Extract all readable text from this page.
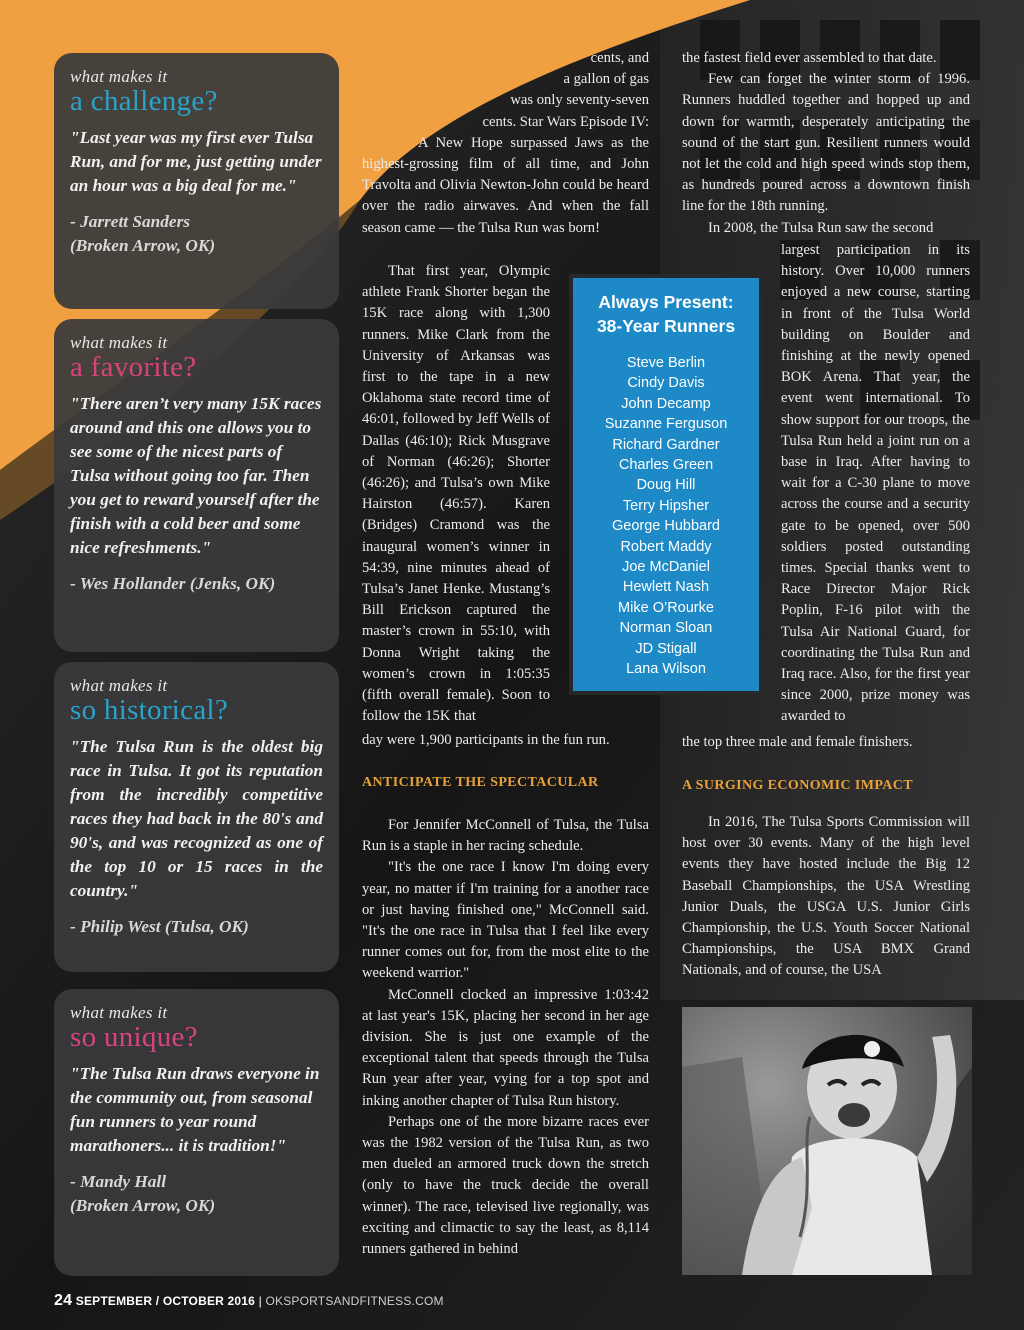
what makes it
a challenge?
"Last year was my first ever Tulsa Run, and for me, just getting under an hour was a big deal for me."
- Jarrett Sanders
(Broken Arrow, OK)
what makes it
a favorite?
"There aren’t very many 15K races around and this one allows you to see some of the nicest parts of Tulsa without going too far. Then you get to reward yourself after the finish with a cold beer and some nice refreshments."
- Wes Hollander (Jenks, OK)
what makes it
so historical?
"The Tulsa Run is the oldest big race in Tulsa. It got its reputation from the incredibly competitive races they had back in the 80's and 90's, and was recognized as one of the top 10 or 15 races in the country."
- Philip West (Tulsa, OK)
what makes it
so unique?
"The Tulsa Run draws everyone in the community out, from seasonal fun runners to year round marathoners... it is tradition!"
- Mandy Hall
(Broken Arrow, OK)
cents, and
a gallon of gas
was only seventy-seven
cents. Star Wars Episode IV:

A New Hope surpassed Jaws as the highest-grossing film of all time, and John Travolta and Olivia Newton-John could be heard over the radio airwaves. And when the fall season came — the Tulsa Run was born!

That first year, Olympic athlete Frank Shorter began the 15K race along with 1,300 runners. Mike Clark from the University of Arkansas was first to the tape in a new Oklahoma state record time of 46:01, followed by Jeff Wells of Dallas (46:10); Rick Musgrave of Norman (46:26); Shorter (46:26); and Tulsa’s own Mike Hairston (46:57). Karen (Bridges) Cramond was the inaugural women’s winner in 54:39, nine minutes ahead of Tulsa’s Janet Henke. Mustang’s Bill Erickson captured the master’s crown in 55:10, with Donna Wright taking the women’s crown in 1:05:35 (fifth overall female). Soon to follow the 15K that

day were 1,900 participants in the fun run.

ANTICIPATE THE SPECTACULAR

For Jennifer McConnell of Tulsa, the Tulsa Run is a staple in her racing schedule.

"It's the one race I know I'm doing every year, no matter if I'm training for a another race or just having finished one," McConnell said. "It's the one race in Tulsa that I feel like every runner comes out for, from the most elite to the weekend warrior."

McConnell clocked an impressive 1:03:42 at last year's 15K, placing her second in her age division. She is just one example of the exceptional talent that speeds through the Tulsa Run year after year, vying for a top spot and inking another chapter of Tulsa Run history.

Perhaps one of the more bizarre races ever was the 1982 version of the Tulsa Run, as two men dueled an armored truck down the stretch (only to have the truck decide the overall winner). The race, televised live regionally, was exciting and climactic to say the least, as 8,114 runners gathered in behind

the fastest field ever assembled to that date.

Few can forget the winter storm of 1996. Runners huddled together and hopped up and down for warmth, desperately anticipating the sound of the start gun. Resilient runners would not let the cold and high speed winds stop them, as hundreds poured across a downtown finish line for the 18th running.

In 2008, the Tulsa Run saw the second

largest participation in its history. Over 10,000 runners enjoyed a new course, starting in front of the Tulsa World building on Boulder and finishing at the newly opened BOK Arena. That year, the event went international. To show support for our troops, the Tulsa Run held a joint run on a base in Iraq. After having to wait for a C-30 plane to move across the course and a security gate to be opened, over 500 soldiers posted outstanding times. Special thanks went to Race Director Major Rick Poplin, F-16 pilot with the Tulsa Air National Guard, for coordinating the Tulsa Run and Iraq race. Also, for the first year since 2000, prize money was awarded to

the top three male and female finishers.

A SURGING ECONOMIC IMPACT

In 2016, The Tulsa Sports Commission will host over 30 events. Many of the high level events they have hosted include the Big 12 Baseball Championships, the USA Wrestling Junior Duals, the USGA U.S. Junior Girls Championship, the U.S. Youth Soccer National Championships, the USA BMX Grand Nationals, and of course, the USA

Always Present:
38-Year Runners
Steve Berlin
Cindy Davis
John Decamp
Suzanne Ferguson
Richard Gardner
Charles Green
Doug Hill
Terry Hipsher
George Hubbard
Robert Maddy
Joe McDaniel
Hewlett Nash
Mike O’Rourke
Norman Sloan
JD Stigall
Lana Wilson
24 SEPTEMBER / OCTOBER 2016 | OKSPORTSANDFITNESS.COM
